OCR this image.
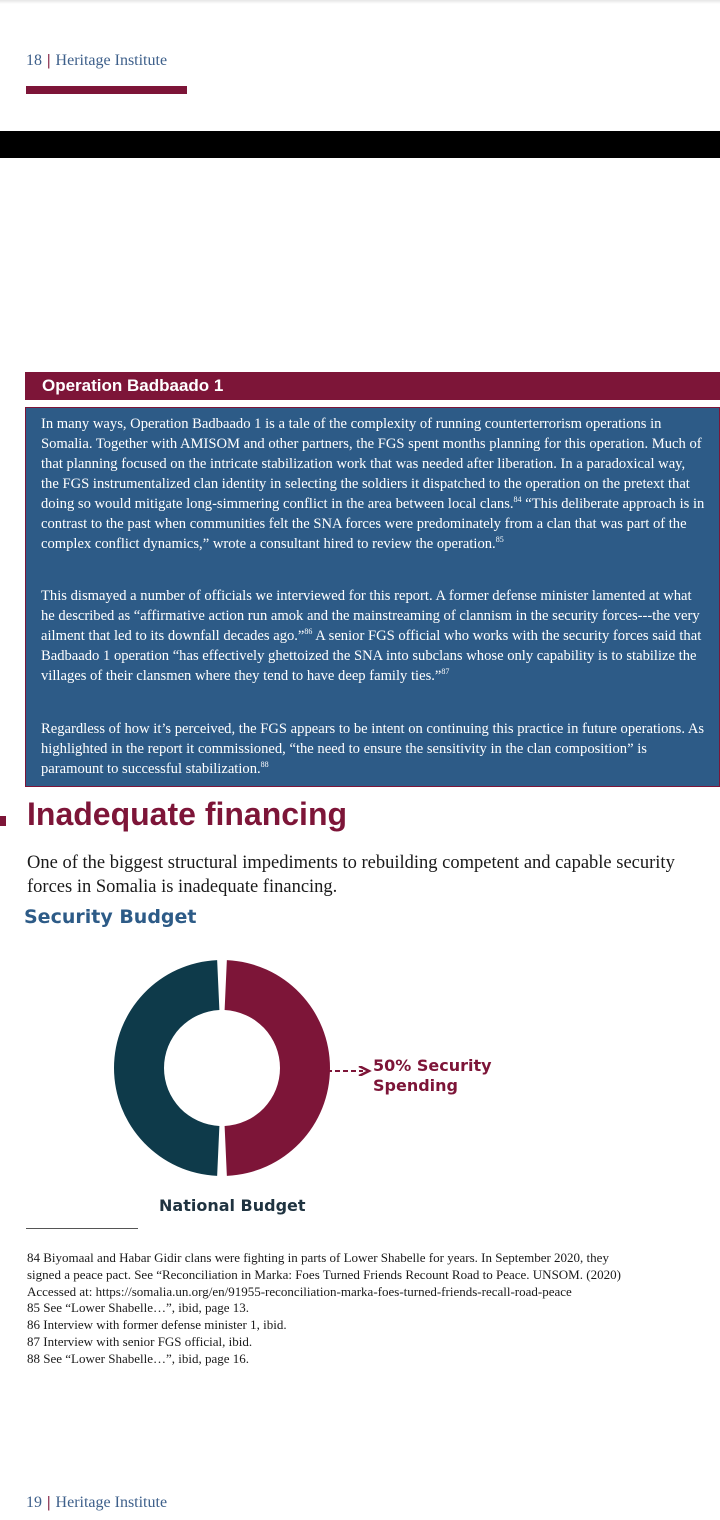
18 | Heritage Institute
Operation Badbaado 1
In many ways, Operation Badbaado 1 is a tale of the complexity of running counterterrorism operations in Somalia. Together with AMISOM and other partners, the FGS spent months planning for this operation. Much of that planning focused on the intricate stabilization work that was needed after liberation. In a paradoxical way, the FGS instrumentalized clan identity in selecting the soldiers it dispatched to the operation on the pretext that doing so would mitigate long-simmering conflict in the area between local clans.$^{84}$ “This deliberate approach is in contrast to the past when communities felt the SNA forces were predominately from a clan that was part of the complex conflict dynamics,” wrote a consultant hired to review the operation.$^{85}$
This dismayed a number of officials we interviewed for this report. A former defense minister lamented at what he described as “affirmative action run amok and the mainstreaming of clannism in the security forces---the very ailment that led to its downfall decades ago.”$^{86}$ A senior FGS official who works with the security forces said that Badbaado 1 operation “has effectively ghettoized the SNA into subclans whose only capability is to stabilize the villages of their clansmen where they tend to have deep family ties.”$^{87}$
Regardless of how it’s perceived, the FGS appears to be intent on continuing this practice in future operations. As highlighted in the report it commissioned, “the need to ensure the sensitivity in the clan composition” is paramount to successful stabilization.$^{88}$
Inadequate financing
One of the biggest structural impediments to rebuilding competent and capable security forces in Somalia is inadequate financing.
Security Budget
50% Security Spending
National Budget
84 Biyomaal and Habar Gidir clans were fighting in parts of Lower Shabelle for years. In September 2020, they
signed a peace pact. See “Reconciliation in Marka: Foes Turned Friends Recount Road to Peace. UNSOM. (2020)
Accessed at: https://somalia.un.org/en/91955-reconciliation-marka-foes-turned-friends-recall-road-peace
85 See “Lower Shabelle…”, ibid, page 13.
86 Interview with former defense minister 1, ibid.
87 Interview with senior FGS official, ibid.
88 See “Lower Shabelle…”, ibid, page 16.
19 | Heritage Institute
